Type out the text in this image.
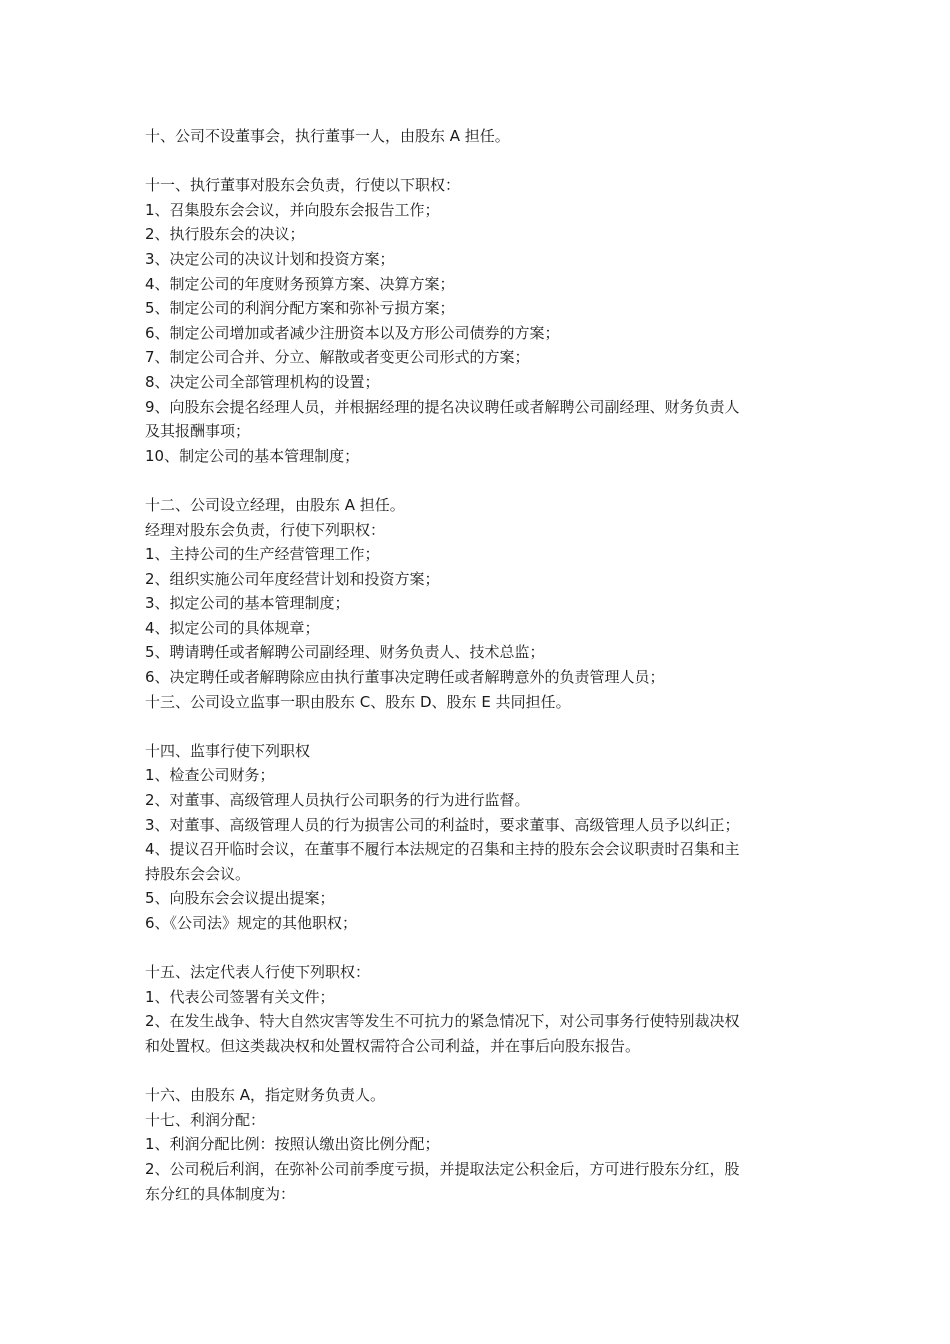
十、公司不设董事会，执行董事一人，由股东 A 担任。
十一、执行董事对股东会负责，行使以下职权：
1、召集股东会会议，并向股东会报告工作；
2、执行股东会的决议；
3、决定公司的决议计划和投资方案；
4、制定公司的年度财务预算方案、决算方案；
5、制定公司的利润分配方案和弥补亏损方案；
6、制定公司增加或者减少注册资本以及方形公司债券的方案；
7、制定公司合并、分立、解散或者变更公司形式的方案；
8、决定公司全部管理机构的设置；
9、向股东会提名经理人员，并根据经理的提名决议聘任或者解聘公司副经理、财务负责人
及其报酬事项；
10、制定公司的基本管理制度；
十二、公司设立经理，由股东 A 担任。
经理对股东会负责，行使下列职权：
1、主持公司的生产经营管理工作；
2、组织实施公司年度经营计划和投资方案；
3、拟定公司的基本管理制度；
4、拟定公司的具体规章；
5、聘请聘任或者解聘公司副经理、财务负责人、技术总监；
6、决定聘任或者解聘除应由执行董事决定聘任或者解聘意外的负责管理人员；
十三、公司设立监事一职由股东 C、股东 D、股东 E 共同担任。
十四、监事行使下列职权
1、检查公司财务；
2、对董事、高级管理人员执行公司职务的行为进行监督。
3、对董事、高级管理人员的行为损害公司的利益时，要求董事、高级管理人员予以纠正；
4、提议召开临时会议，在董事不履行本法规定的召集和主持的股东会会议职责时召集和主
持股东会会议。
5、向股东会会议提出提案；
6、《公司法》规定的其他职权；
十五、法定代表人行使下列职权：
1、代表公司签署有关文件；
2、在发生战争、特大自然灾害等发生不可抗力的紧急情况下，对公司事务行使特别裁决权
和处置权。但这类裁决权和处置权需符合公司利益，并在事后向股东报告。
十六、由股东 A，指定财务负责人。
十七、利润分配：
1、利润分配比例：按照认缴出资比例分配；
2、公司税后利润，在弥补公司前季度亏损，并提取法定公积金后，方可进行股东分红，股
东分红的具体制度为：
